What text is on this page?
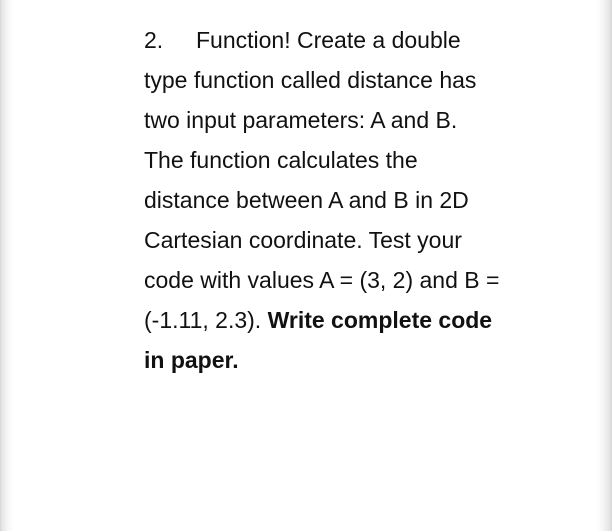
2. Function! Create a double
type function called distance has
two input parameters: A and B.
The function calculates the
distance between A and B in 2D
Cartesian coordinate. Test your
code with values A = (3, 2) and B =
(-1.11, 2.3). Write complete code
in paper.
